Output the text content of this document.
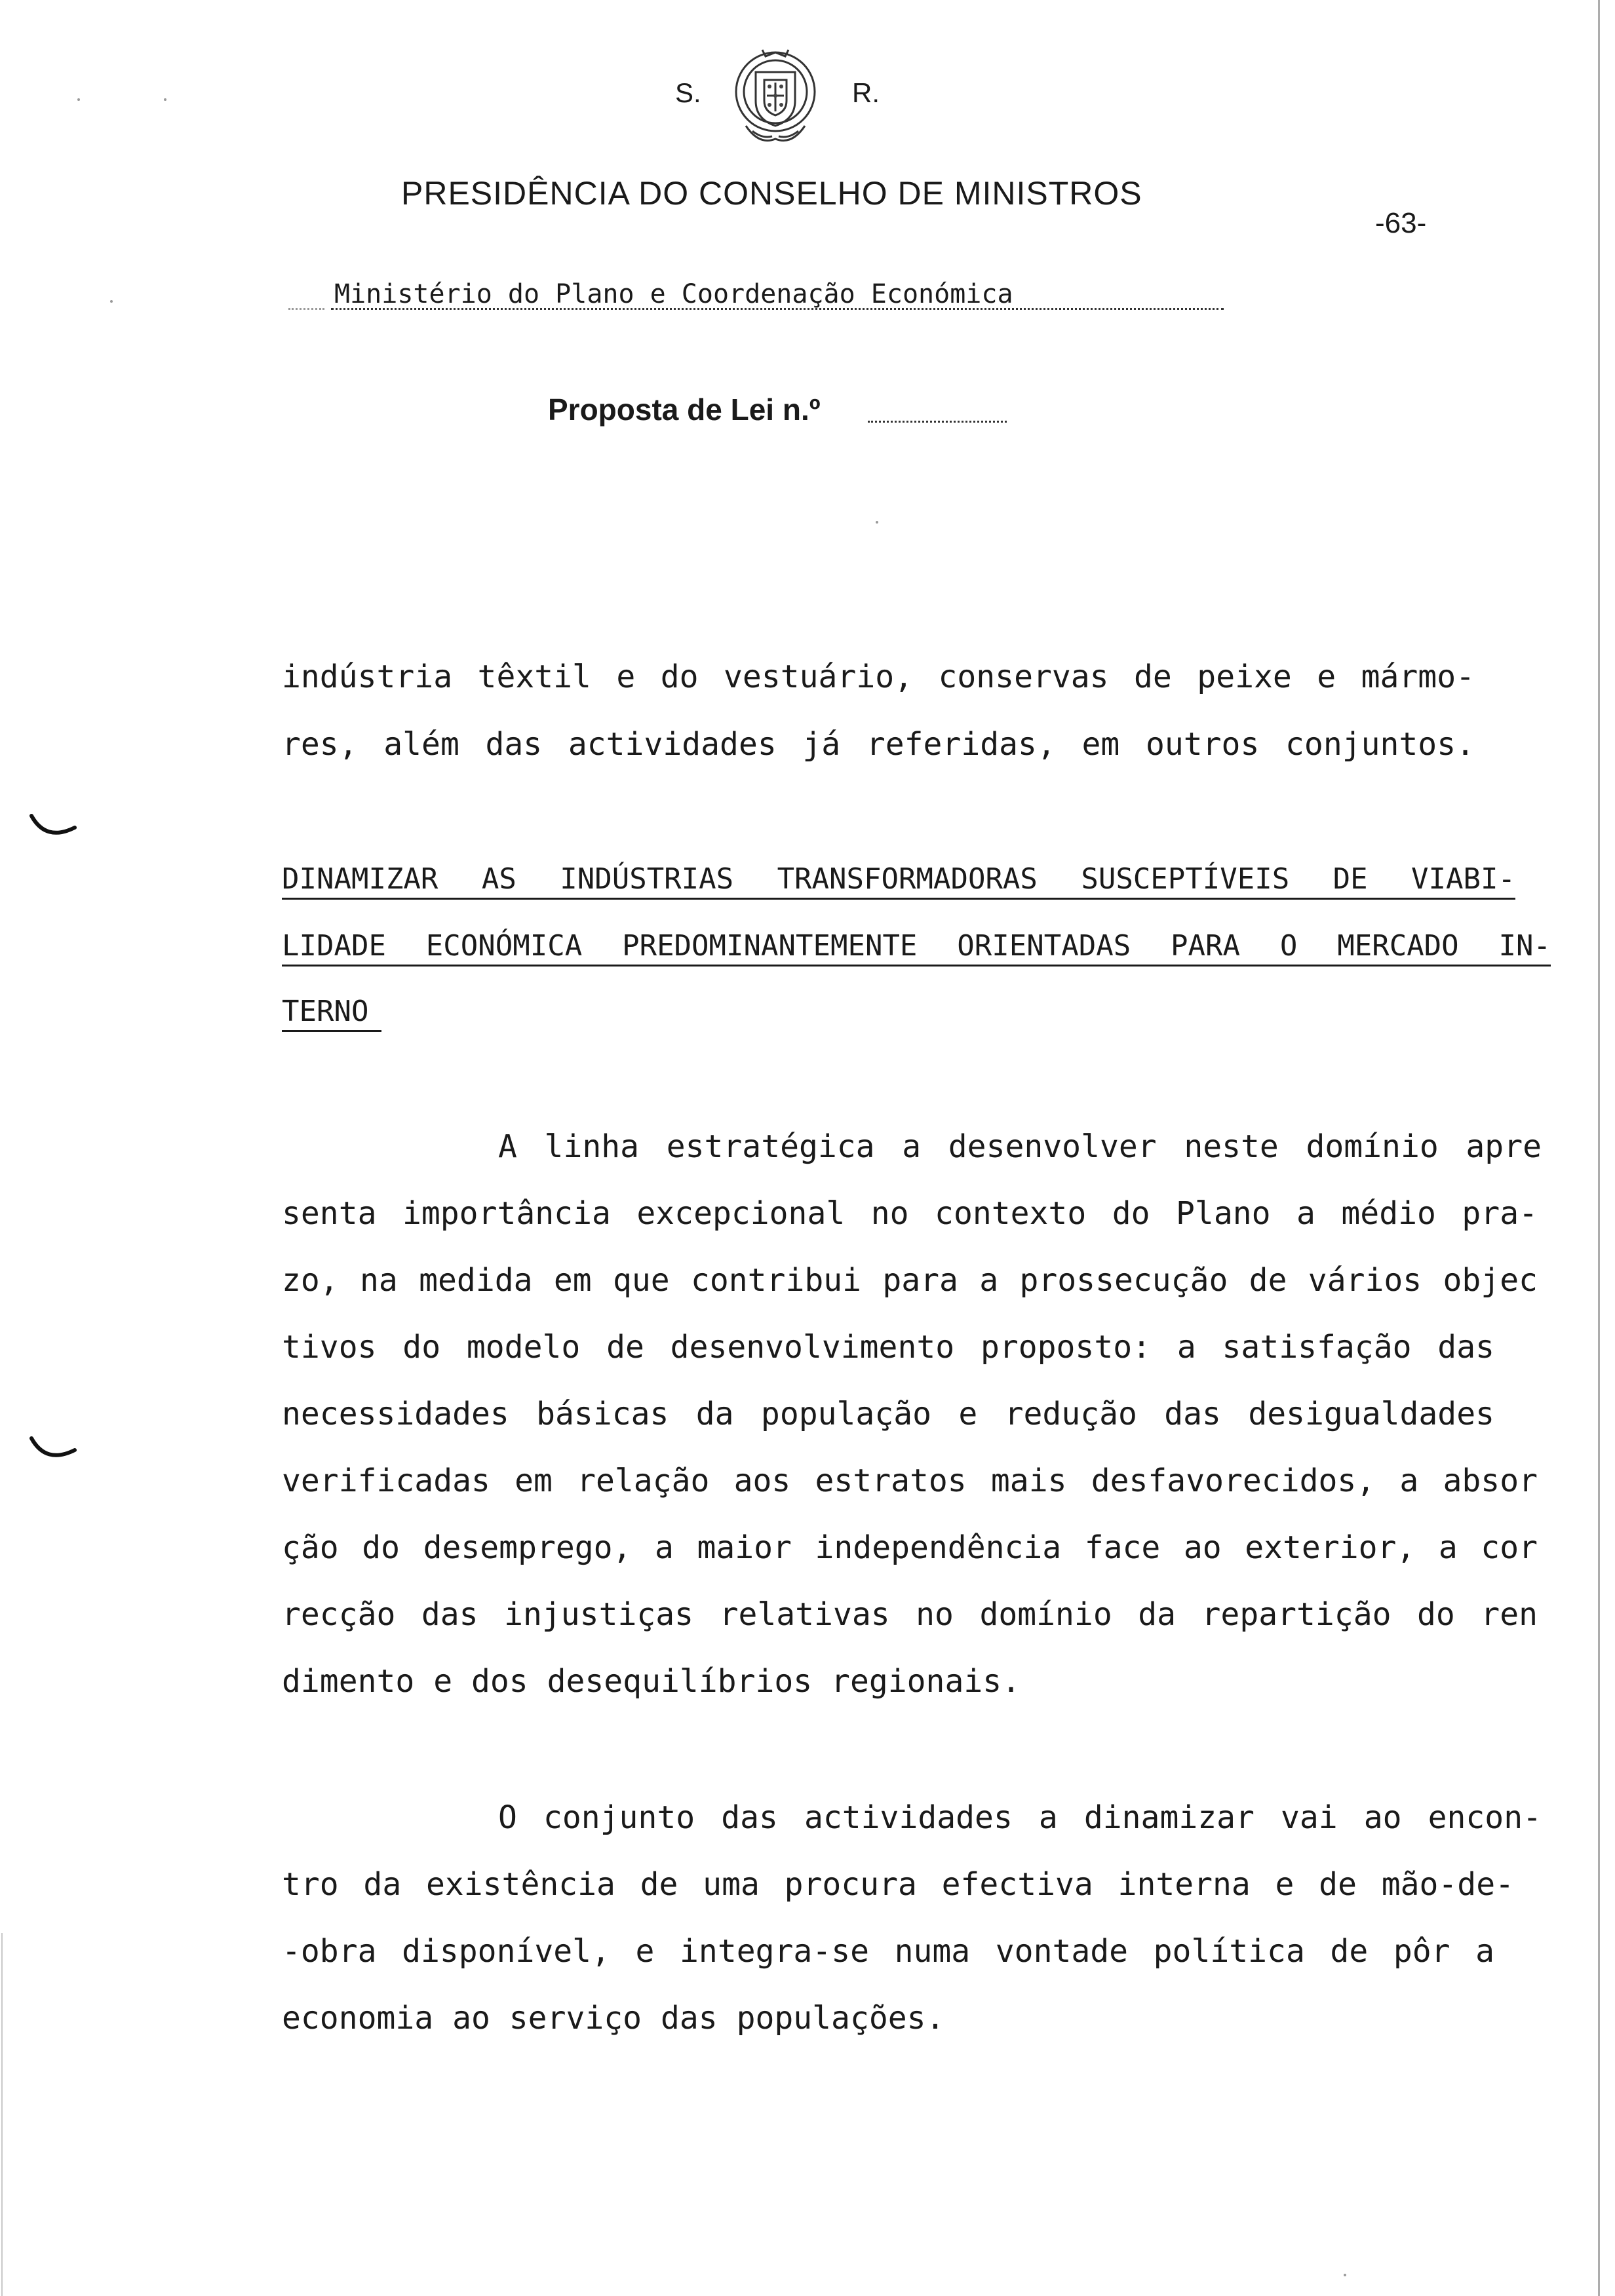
S.	R.
PRESIDÊNCIA DO CONSELHO DE MINISTROS
-63-
Ministério do Plano e Coordenação Económica
Proposta de Lei n.º
indústria têxtil e do vestuário, conservas de peixe e mármo-
res, além das actividades já referidas, em outros conjuntos.
DINAMIZAR AS INDÚSTRIAS TRANSFORMADORAS SUSCEPTÍVEIS DE VIABI-
LIDADE ECONÓMICA PREDOMINANTEMENTE ORIENTADAS PARA O MERCADO IN-
TERNO
A linha estratégica a desenvolver neste domínio apre
senta importância excepcional no contexto do Plano a médio pra-
zo, na medida em que contribui para a prossecução de vários objec
tivos do modelo de desenvolvimento proposto: a satisfação das
necessidades básicas da população e redução das desigualdades
verificadas em relação aos estratos mais desfavorecidos, a absor
ção do desemprego, a maior independência face ao exterior, a cor
recção das injustiças relativas no domínio da repartição do ren
dimento e dos desequilíbrios regionais.
O conjunto das actividades a dinamizar vai ao encon-
tro da existência de uma procura efectiva interna e de mão-de-
-obra disponível, e integra-se numa vontade política de pôr a
economia ao serviço das populações.
